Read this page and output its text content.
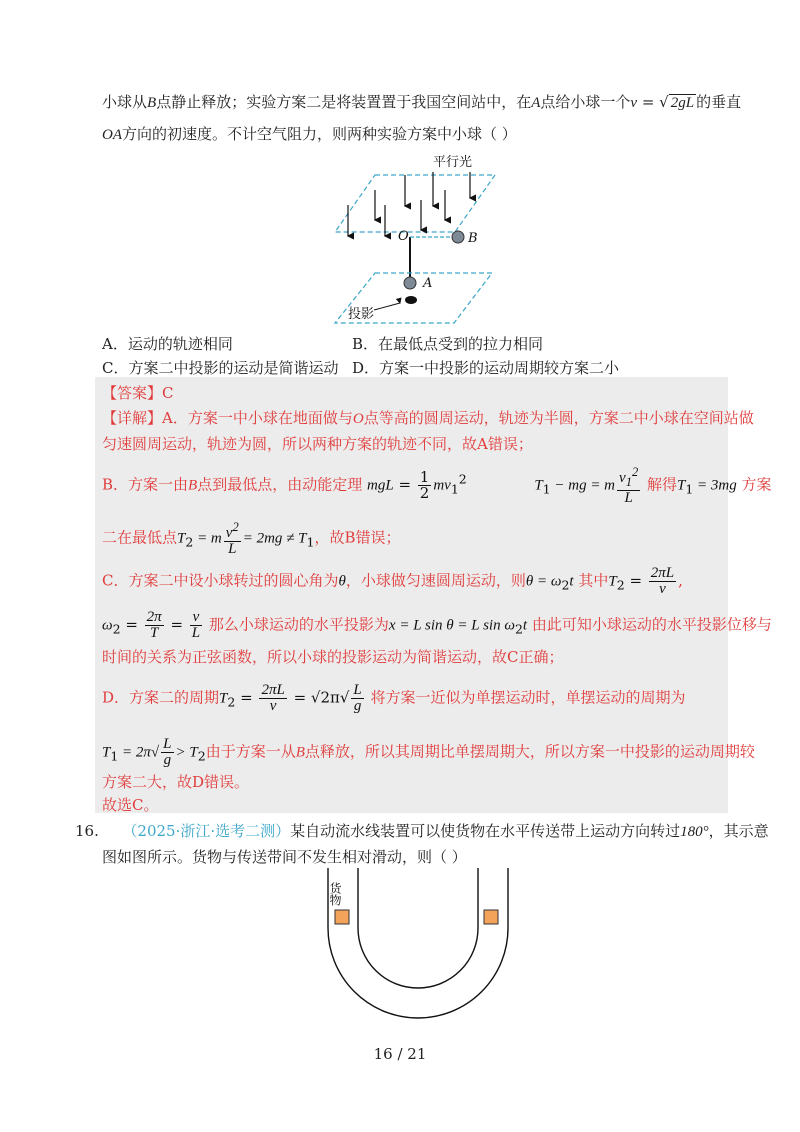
小球从B点静止释放；实验方案二是将装置置于我国空间站中，在A点给小球一个v = √ 2gL 的垂直
OA方向的初速度。不计空气阻力，则两种实验方案中小球（ ）
平行光
O	B
A
投影
A．运动的轨迹相同	B．在最低点受到的拉力相同
C．方案二中投影的运动是简谐运动 D．方案一中投影的运动周期较方案二小
【答案】C
【详解】A．方案一中小球在地面做与O点等高的圆周运动，轨迹为半圆，方案二中小球在空间站做
匀速圆周运动，轨迹为圆，所以两种方案的轨迹不同，故A错误；
B．方案一由B点到最低点，由动能定理 mgL = $\frac{1}{2} mv_1^2$	$T_1$ − mg = m $\frac{v_1^2}{L}$ 解得$T_1 = 3mg$ 方案
二在最低点$T_2 = m \frac{v^2}{L} = 2mg \ne T_1$，故B错误；
C．方案二中设小球转过的圆心角为θ，小球做匀速圆周运动，则$\theta = \omega_2t$ 其中$T_2 = \frac{2\pi L}{v}$ ,
$\omega_2 = \frac{2\pi}{T} = \frac{v}{L}$ 那么小球运动的水平投影为x = L sin θ = L $\sin \omega_2t$ 由此可知小球运动的水平投影位移与
时间的关系为正弦函数，所以小球的投影运动为简谐运动，故C正确；
D．方案二的周期$T_2 = \frac{2\pi L}{v} = √2\pi√ \frac{L}{g}$ 将方案一近似为单摆运动时，单摆运动的周期为
$T_1 = 2\pi√ \frac{L}{g} > T_2$由于方案一从B点释放，所以其周期比单摆周期大，所以方案一中投影的运动周期较
方案二大，故D错误。
故选C。
16. （2025·浙江·选考二测）某自动流水线装置可以使货物在水平传送带上运动方向转过180°，其示意
图如图所示。货物与传送带间不发生相对滑动，则（ ）
货物
16 / 21
